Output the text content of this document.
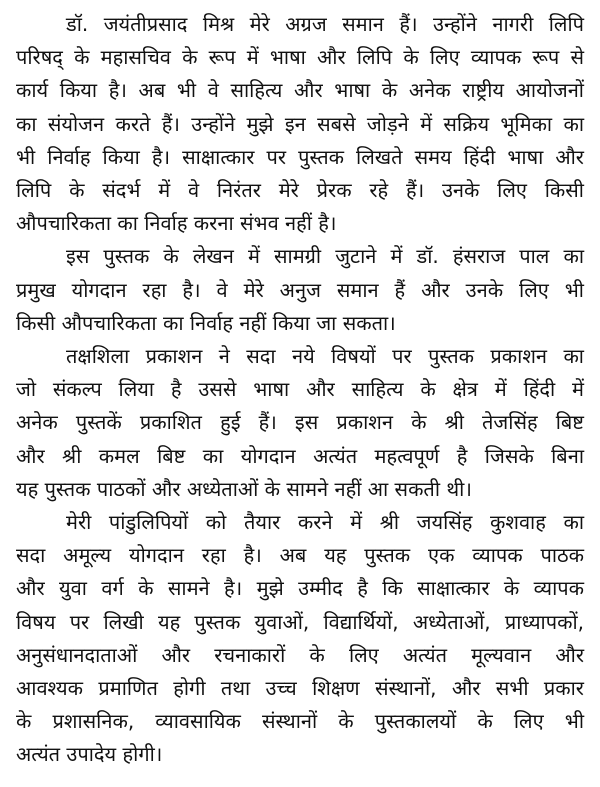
डॉ. जयंतीप्रसाद मिश्र मेरे अग्रज समान हैं। उन्होंने नागरी लिपि
परिषद् के महासचिव के रूप में भाषा और लिपि के लिए व्यापक रूप से
कार्य किया है। अब भी वे साहित्य और भाषा के अनेक राष्ट्रीय आयोजनों
का संयोजन करते हैं। उन्होंने मुझे इन सबसे जोड़ने में सक्रिय भूमिका का
भी निर्वाह किया है। साक्षात्कार पर पुस्तक लिखते समय हिंदी भाषा और
लिपि के संदर्भ में वे निरंतर मेरे प्रेरक रहे हैं। उनके लिए किसी
औपचारिकता का निर्वाह करना संभव नहीं है।
इस पुस्तक के लेखन में सामग्री जुटाने में डॉ. हंसराज पाल का
प्रमुख योगदान रहा है। वे मेरे अनुज समान हैं और उनके लिए भी
किसी औपचारिकता का निर्वाह नहीं किया जा सकता।
तक्षशिला प्रकाशन ने सदा नये विषयों पर पुस्तक प्रकाशन का
जो संकल्प लिया है उससे भाषा और साहित्य के क्षेत्र में हिंदी में
अनेक पुस्तकें प्रकाशित हुई हैं। इस प्रकाशन के श्री तेजसिंह बिष्ट
और श्री कमल बिष्ट का योगदान अत्यंत महत्वपूर्ण है जिसके बिना
यह पुस्तक पाठकों और अध्येताओं के सामने नहीं आ सकती थी।
मेरी पांडुलिपियों को तैयार करने में श्री जयसिंह कुशवाह का
सदा अमूल्य योगदान रहा है। अब यह पुस्तक एक व्यापक पाठक
और युवा वर्ग के सामने है। मुझे उम्मीद है कि साक्षात्कार के व्यापक
विषय पर लिखी यह पुस्तक युवाओं, विद्यार्थियों, अध्येताओं, प्राध्यापकों,
अनुसंधानदाताओं और रचनाकारों के लिए अत्यंत मूल्यवान और
आवश्यक प्रमाणित होगी तथा उच्च शिक्षण संस्थानों, और सभी प्रकार
के प्रशासनिक, व्यावसायिक संस्थानों के पुस्तकालयों के लिए भी
अत्यंत उपादेय होगी।
